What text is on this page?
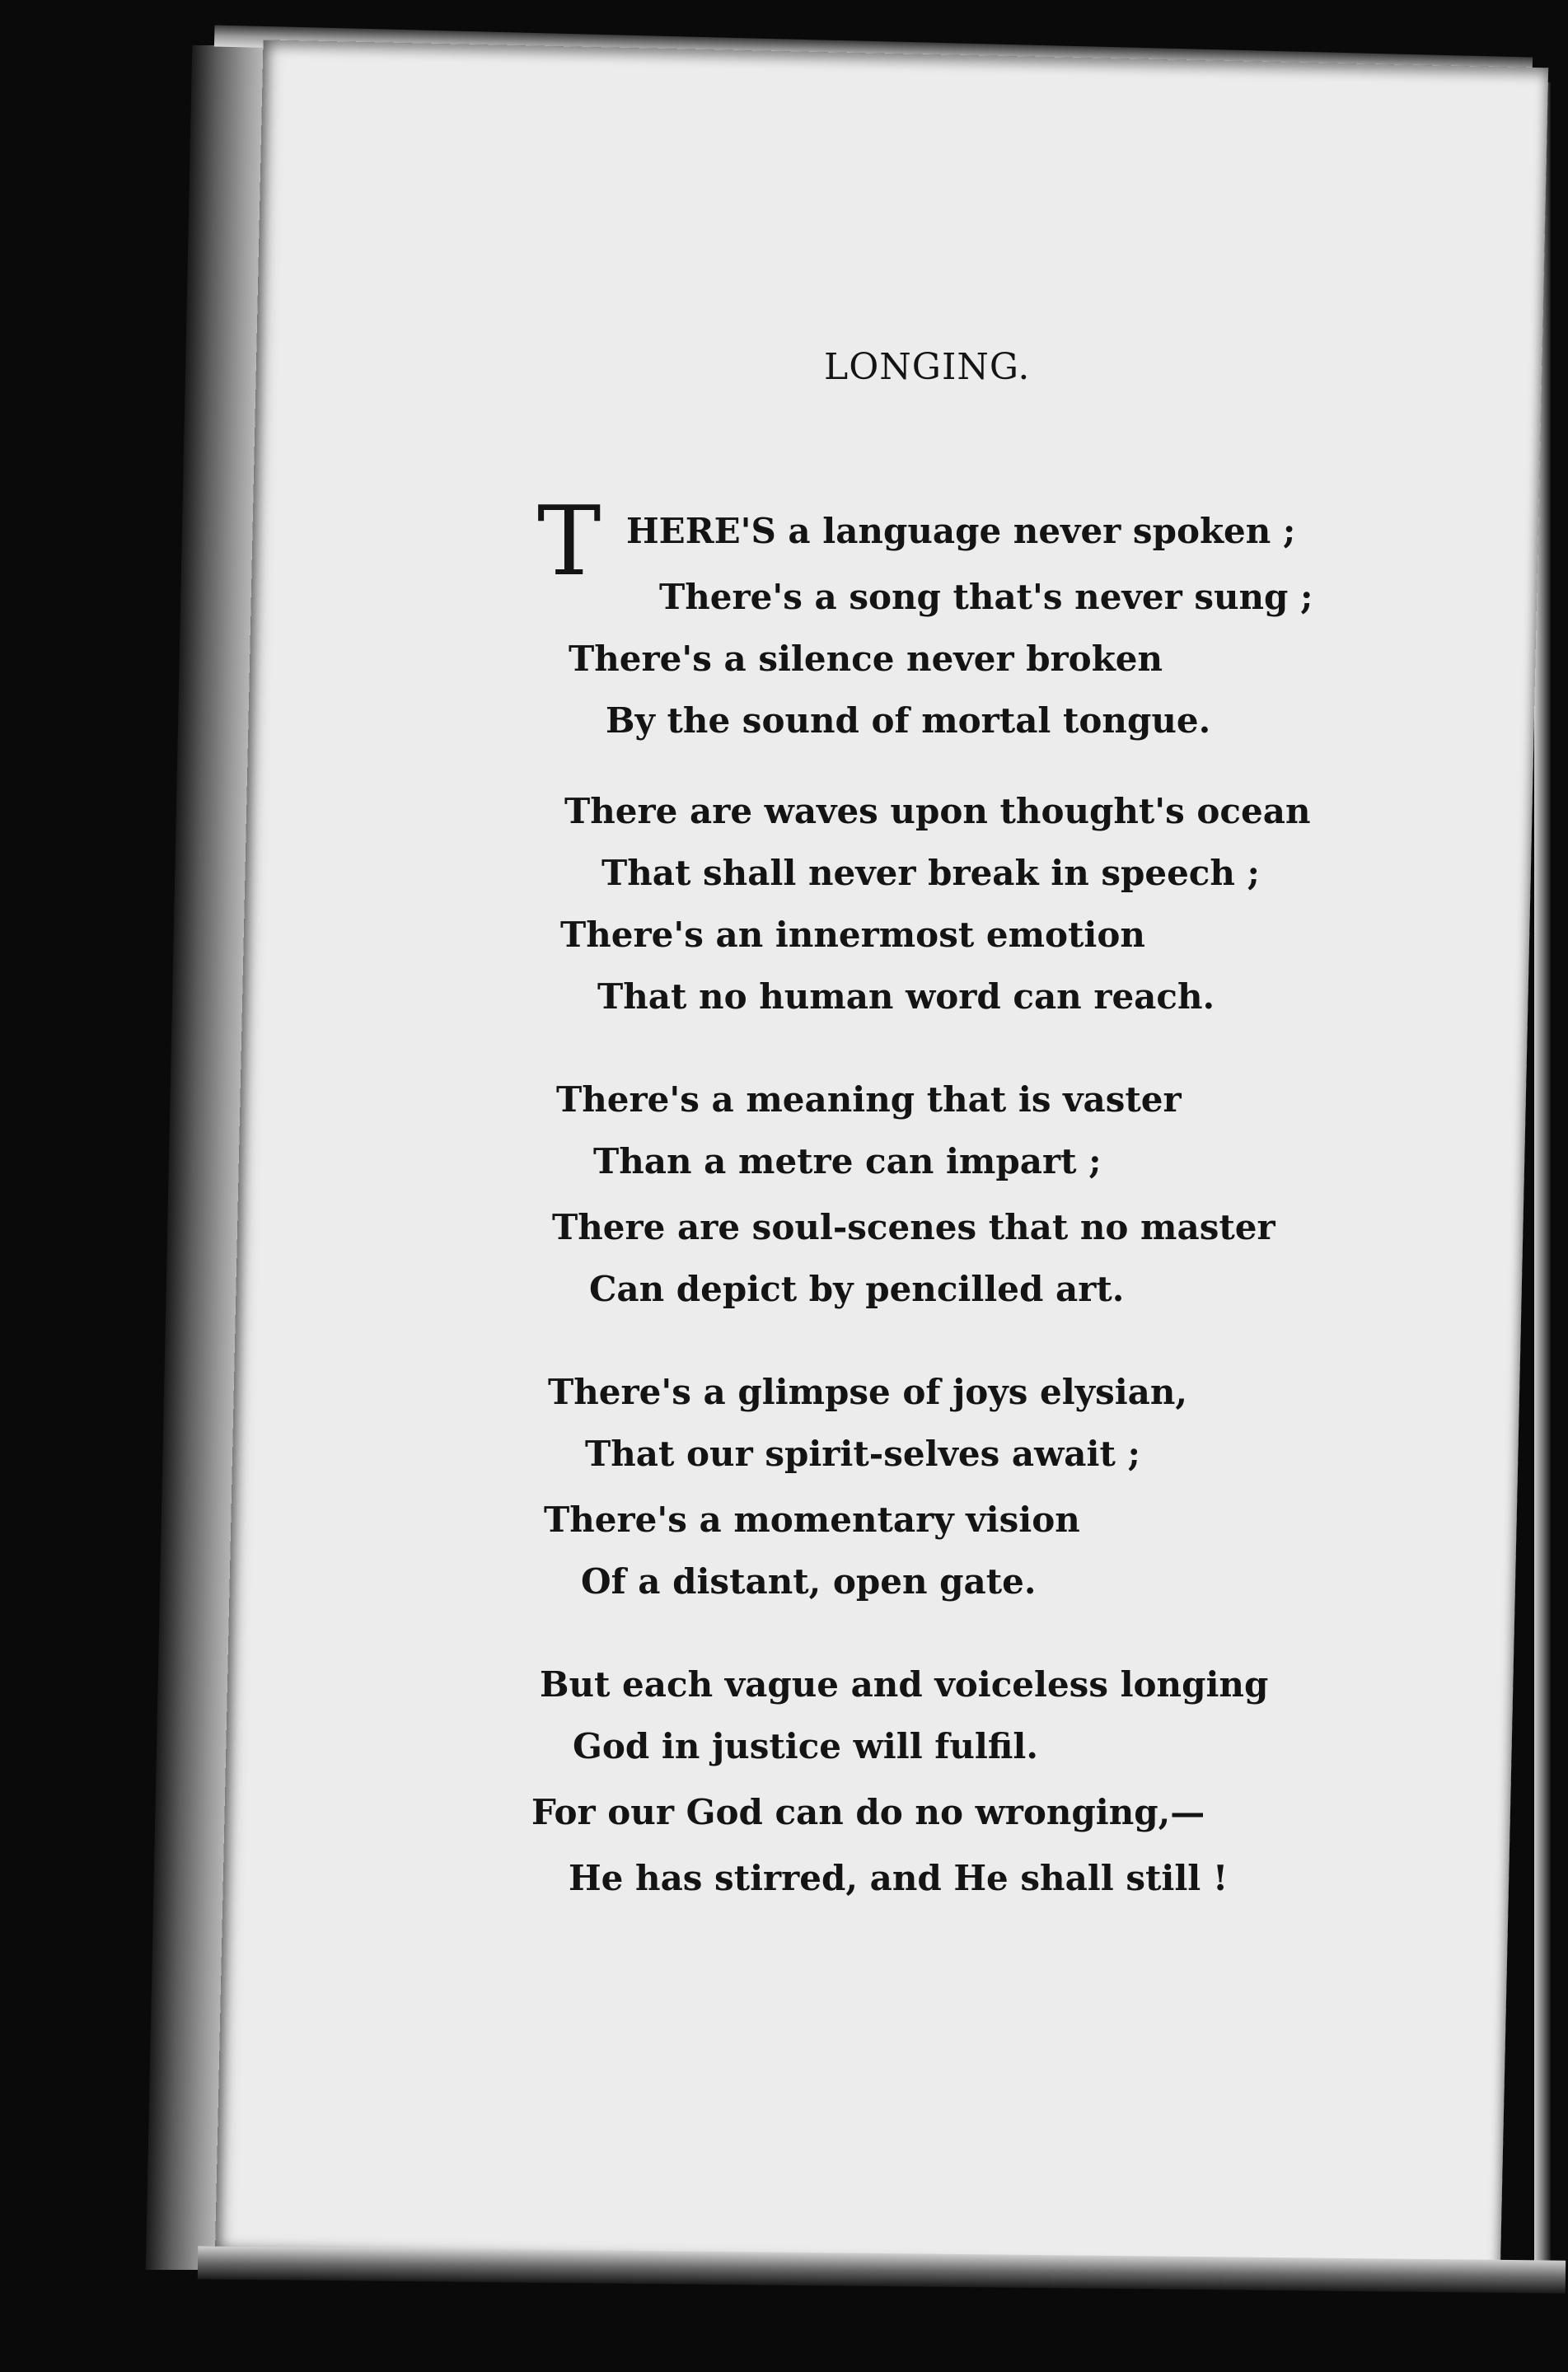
LONGING.
HERE'S a language never spoken ;
There's a song that's never sung ;
There's a silence never broken
By the sound of mortal tongue.
There are waves upon thought's ocean
That shall never break in speech ;
There's an innermost emotion
That no human word can reach.
There's a meaning that is vaster
Than a metre can impart ;
There are soul-scenes that no master
Can depict by pencilled art.
There's a glimpse of joys elysian,
That our spirit-selves await ;
There's a momentary vision
Of a distant, open gate.
But each vague and voiceless longing
God in justice will fulfil.
For our God can do no wronging,—
He has stirred, and He shall still !
T
